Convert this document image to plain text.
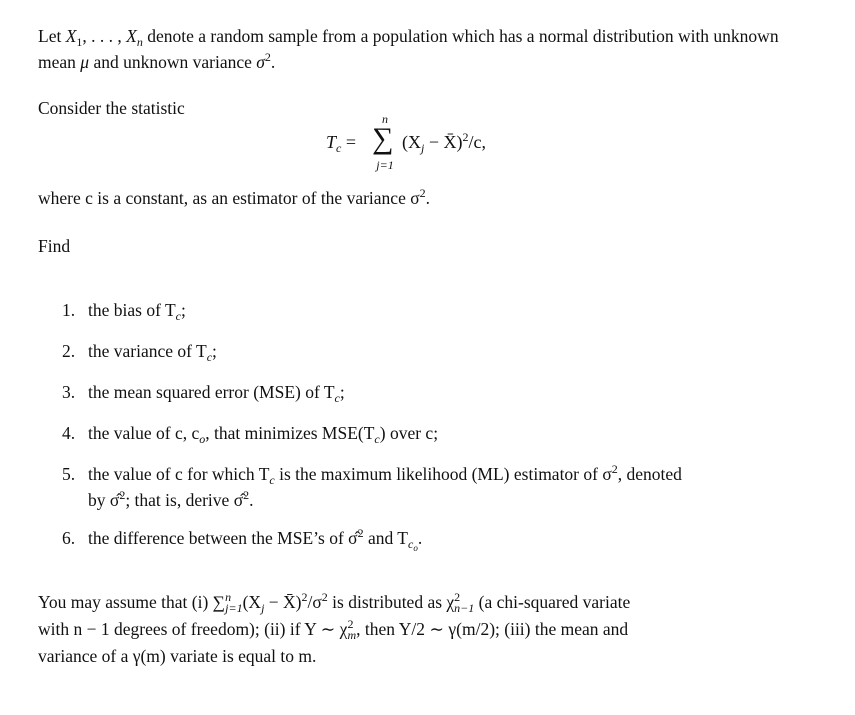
Let $X_1$, . . . , $X_n$ denote a random sample from a population which has a normal distribution with unknown mean μ and unknown variance $\sigma^2$.
Consider the statistic
$T_c$ =
n
∑
j=1
($X_j$ − X̄)$^2$/c,
where c is a constant, as an estimator of the variance $\sigma^2$.
Find
1. the bias of $T_c$;
2. the variance of $T_c$;
3. the mean squared error (MSE) of $T_c$;
4. the value of c, $c_o$, that minimizes $MSE(T_c)$ over c;
5. the value of c for which $T_c$ is the maximum likelihood (ML) estimator of $\sigma^2$, denoted
by σ̂$^2$; that is, derive σ̂$^2$.
6. the difference between the MSE’s of σ̂$^2$ and $T_{co}$.
You may assume that (i) $\sum^n_{j=1}(X_j$ − $X̄)^2/\sigma^2$ is distributed as $\chi^2_{n-1}$ (a chi-squared variate
with n − 1 degrees of freedom); (ii) if Y ∼ $\chi^2_m$, then Y/2 ∼ γ(m/2); (iii) the mean and
variance of a γ(m) variate is equal to m.
